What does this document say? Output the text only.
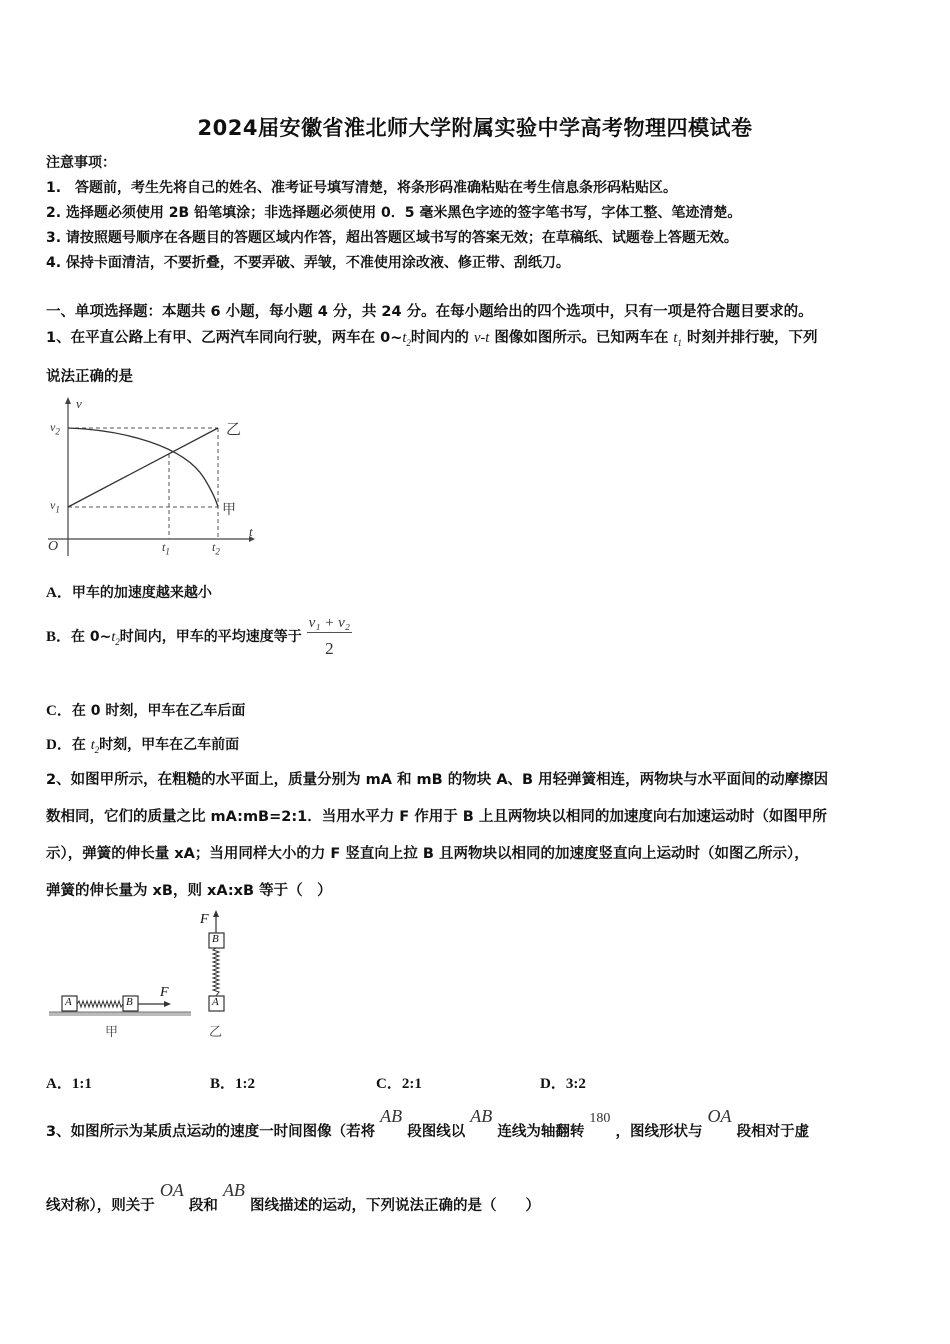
2024届安徽省淮北师大学附属实验中学高考物理四模试卷
注意事项：
1.　答题前，考生先将自己的姓名、准考证号填写清楚，将条形码准确粘贴在考生信息条形码粘贴区。
2. 选择题必须使用 2B 铅笔填涂；非选择题必须使用 0．5 毫米黑色字迹的签字笔书写，字体工整、笔迹清楚。
3. 请按照题号顺序在各题目的答题区域内作答，超出答题区域书写的答案无效；在草稿纸、试题卷上答题无效。
4. 保持卡面清洁，不要折叠，不要弄破、弄皱，不准使用涂改液、修正带、刮纸刀。
一、单项选择题：本题共 6 小题，每小题 4 分，共 24 分。在每小题给出的四个选项中，只有一项是符合题目要求的。
1、在平直公路上有甲、乙两汽车同向行驶，两车在 $0\sim t_2$时间内的 v-t 图像如图所示。已知两车在 $t_1$ 时刻并排行驶，下列
说法正确的是
v
t
O
$v_2$
$v_1$
$t_1$	$t_2$
乙
甲
A．甲车的加速度越来越小
B．在 $0\sim t_2$时间内，甲车的平均速度等于 $\frac{\text{v₁ + v₂}}{2}$
C．在 0 时刻，甲车在乙车后面
D．在 $t_2$时刻，甲车在乙车前面
2、如图甲所示，在粗糙的水平面上，质量分别为 mA 和 mB 的物块 A、B 用轻弹簧相连，两物块与水平面间的动摩擦因
数相同，它们的质量之比 mA:mB=2:1．当用水平力 F 作用于 B 上且两物块以相同的加速度向右加速运动时（如图甲所
示），弹簧的伸长量 xA；当用同样大小的力 F 竖直向上拉 B 且两物块以相同的加速度竖直向上运动时（如图乙所示），
弹簧的伸长量为 xB，则 xA:xB 等于（　）
A	B
F
B
A
F
甲	乙
A．1:1	B．1:2	C．2:1	D．3:2
3、如图所示为某质点运动的速度一时间图像（若将 AB 段图线以 AB 连线为轴翻转 180 ，图线形状与 OA 段相对于虚
线对称），则关于 OA 段和 AB 图线描述的运动，下列说法正确的是（　　）
